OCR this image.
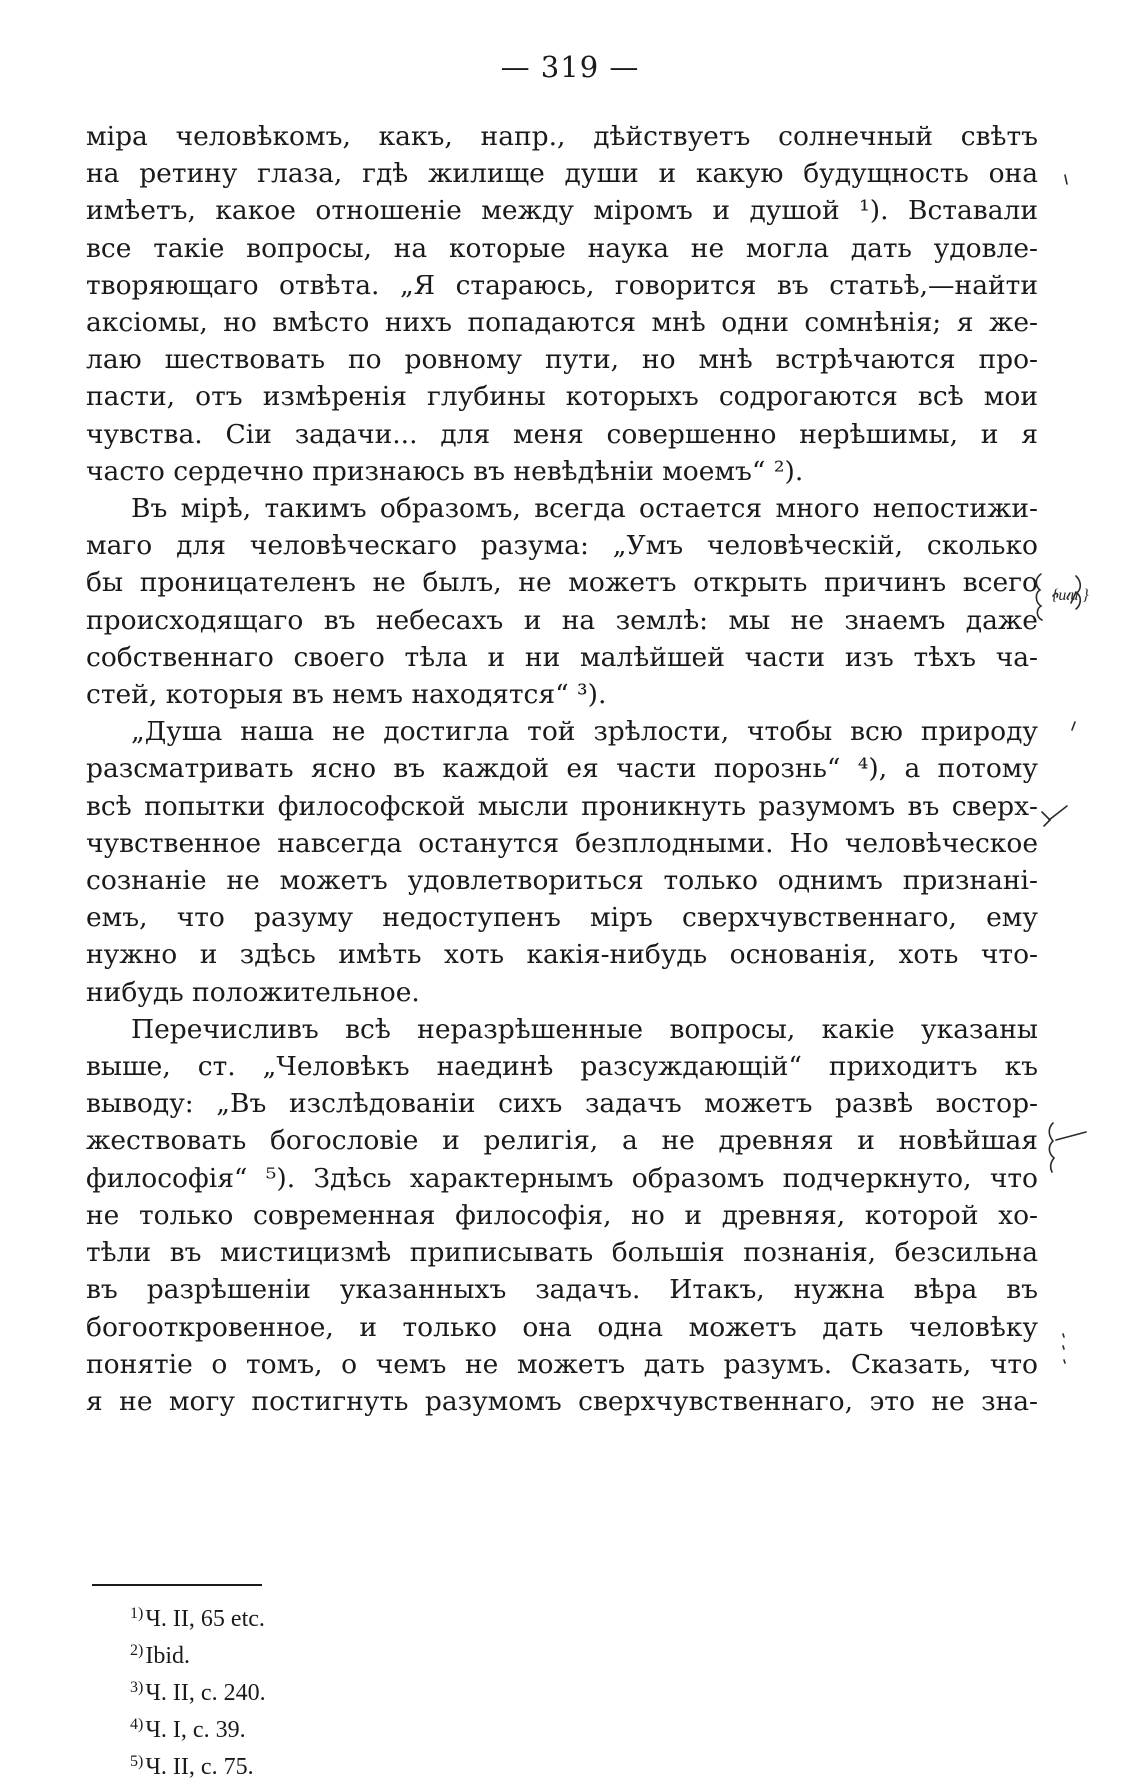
— 319 —

міра человѣкомъ, какъ, напр., дѣйствуетъ солнечный свѣтъ

на ретину глаза, гдѣ жилище души и какую будущность она

имѣетъ, какое отношеніе между міромъ и душой ¹). Вставали

все такіе вопросы, на которые наука не могла дать удовле-

творяющаго отвѣта. „Я стараюсь, говорится въ статьѣ,—найти

аксіомы, но вмѣсто нихъ попадаются мнѣ одни сомнѣнія; я же-

лаю шествовать по ровному пути, но мнѣ встрѣчаются про-

пасти, отъ измѣренія глубины которыхъ содрогаются всѣ мои

чувства. Сіи задачи... для меня совершенно нерѣшимы, и я

часто сердечно признаюсь въ невѣдѣніи моемъ“ ²).

Въ мірѣ, такимъ образомъ, всегда остается много непостижи-

маго для человѣческаго разума: „Умъ человѣческій, сколько

бы проницателенъ не былъ, не можетъ открыть причинъ всего

происходящаго въ небесахъ и на землѣ: мы не знаемъ даже

собственнаго своего тѣла и ни малѣйшей части изъ тѣхъ ча-

стей, которыя въ немъ находятся“ ³).

„Душа наша не достигла той зрѣлости, чтобы всю природу

разсматривать ясно въ каждой ея части порознь“ ⁴), а потому

всѣ попытки философской мысли проникнуть разумомъ въ сверх-

чувственное навсегда останутся безплодными. Но человѣческое

сознаніе не можетъ удовлетвориться только однимъ признані-

емъ, что разуму недоступенъ міръ сверхчувственнаго, ему

нужно и здѣсь имѣть хоть какія-нибудь основанія, хоть что-

нибудь положительное.

Перечисливъ всѣ неразрѣшенные вопросы, какіе указаны

выше, ст. „Человѣкъ наединѣ разсуждающій“ приходитъ къ

выводу: „Въ изслѣдованіи сихъ задачъ можетъ развѣ востор-

жествовать богословіе и религія, а не древняя и новѣйшая

философія“ ⁵). Здѣсь характернымъ образомъ подчеркнуто, что

не только современная философія, но и древняя, которой хо-

тѣли въ мистицизмѣ приписывать большія познанія, безсильна

въ разрѣшеніи указанныхъ задачъ. Итакъ, нужна вѣра въ

богооткровенное, и только она одна можетъ дать человѣку

понятіе о томъ, о чемъ не можетъ дать разумъ. Сказать, что

я не могу постигнуть разумомъ сверхчувственнаго, это не зна-

$^{1)}$Ч. II, 65 etc.
$^{2)}$Ibid.
$^{3)}$Ч. II, с. 240.
$^{4)}$Ч. I, с. 39.
$^{5)}$Ч. II, с. 75.
{и.и }
